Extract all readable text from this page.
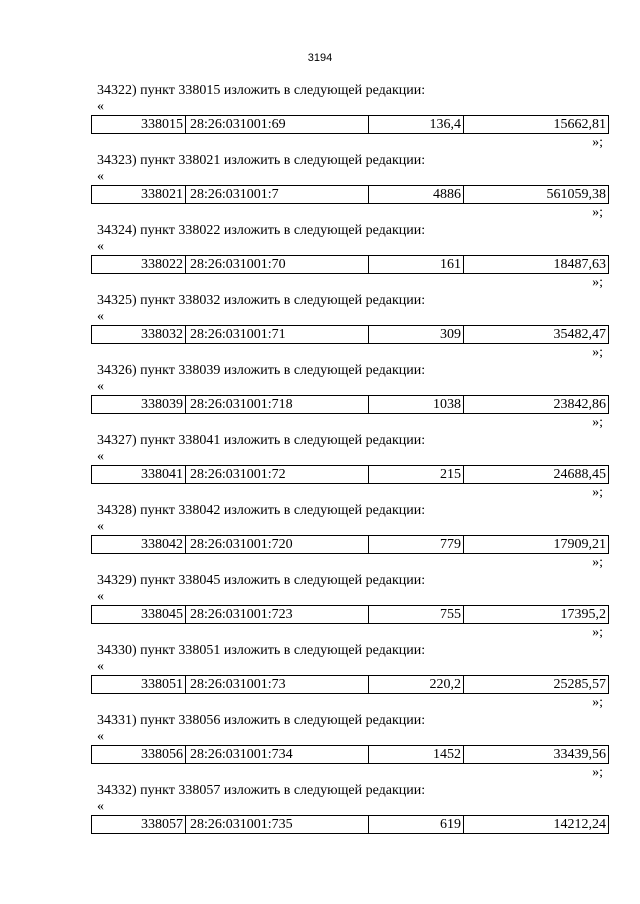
3194
34322) пункт 338015 изложить в следующей редакции:
«
338015	28:26:031001:69	136,4	15662,81
»;
34323) пункт 338021 изложить в следующей редакции:
«
338021	28:26:031001:7	4886	561059,38
»;
34324) пункт 338022 изложить в следующей редакции:
«
338022	28:26:031001:70	161	18487,63
»;
34325) пункт 338032 изложить в следующей редакции:
«
338032	28:26:031001:71	309	35482,47
»;
34326) пункт 338039 изложить в следующей редакции:
«
338039	28:26:031001:718	1038	23842,86
»;
34327) пункт 338041 изложить в следующей редакции:
«
338041	28:26:031001:72	215	24688,45
»;
34328) пункт 338042 изложить в следующей редакции:
«
338042	28:26:031001:720	779	17909,21
»;
34329) пункт 338045 изложить в следующей редакции:
«
338045	28:26:031001:723	755	17395,2
»;
34330) пункт 338051 изложить в следующей редакции:
«
338051	28:26:031001:73	220,2	25285,57
»;
34331) пункт 338056 изложить в следующей редакции:
«
338056	28:26:031001:734	1452	33439,56
»;
34332) пункт 338057 изложить в следующей редакции:
«
338057	28:26:031001:735	619	14212,24
